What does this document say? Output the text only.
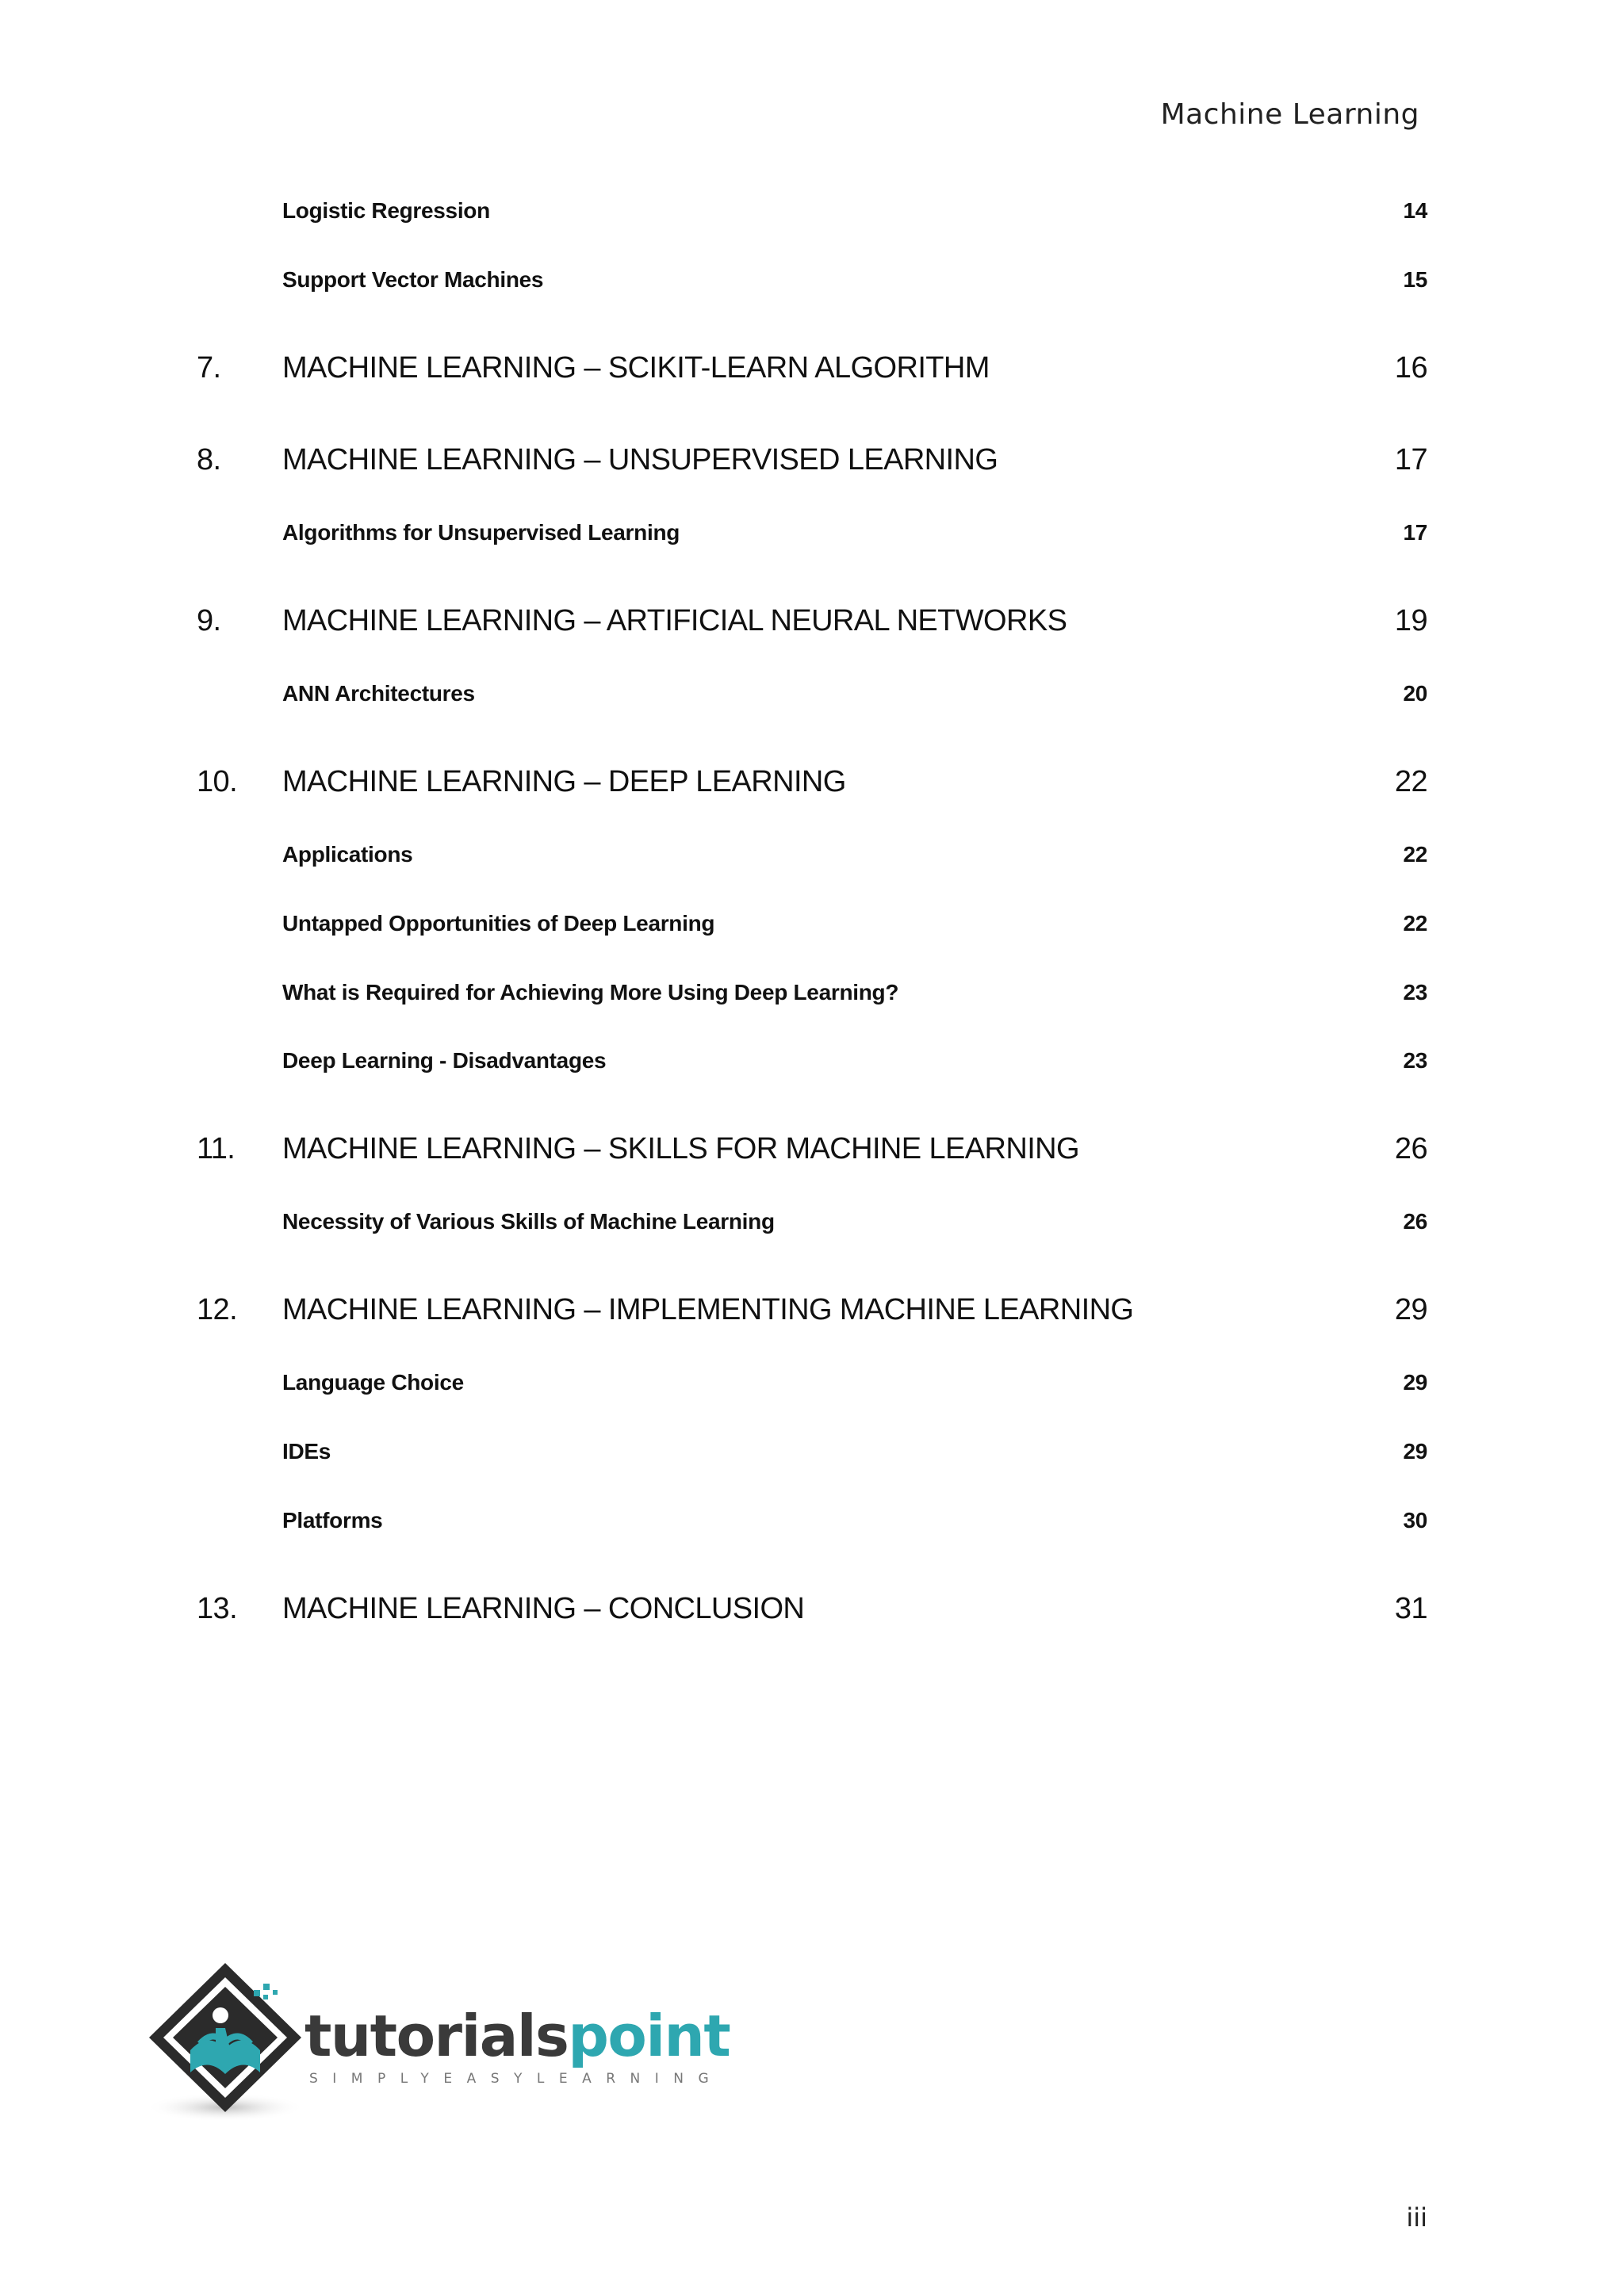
Machine Learning
Logistic Regression	14
Support Vector Machines	15
7.	MACHINE LEARNING – SCIKIT-LEARN ALGORITHM	16
8.	MACHINE LEARNING – UNSUPERVISED LEARNING	17
Algorithms for Unsupervised Learning	17
9.	MACHINE LEARNING – ARTIFICIAL NEURAL NETWORKS	19
ANN Architectures	20
10.	MACHINE LEARNING – DEEP LEARNING	22
Applications	22
Untapped Opportunities of Deep Learning	22
What is Required for Achieving More Using Deep Learning?	23
Deep Learning - Disadvantages	23
11.	MACHINE LEARNING – SKILLS FOR MACHINE LEARNING	26
Necessity of Various Skills of Machine Learning	26
12.	MACHINE LEARNING – IMPLEMENTING MACHINE LEARNING	29
Language Choice	29
IDEs	29
Platforms	30
13.	MACHINE LEARNING – CONCLUSION	31
tutorialspoint
SIMPLYEASYLEARNING
iii
